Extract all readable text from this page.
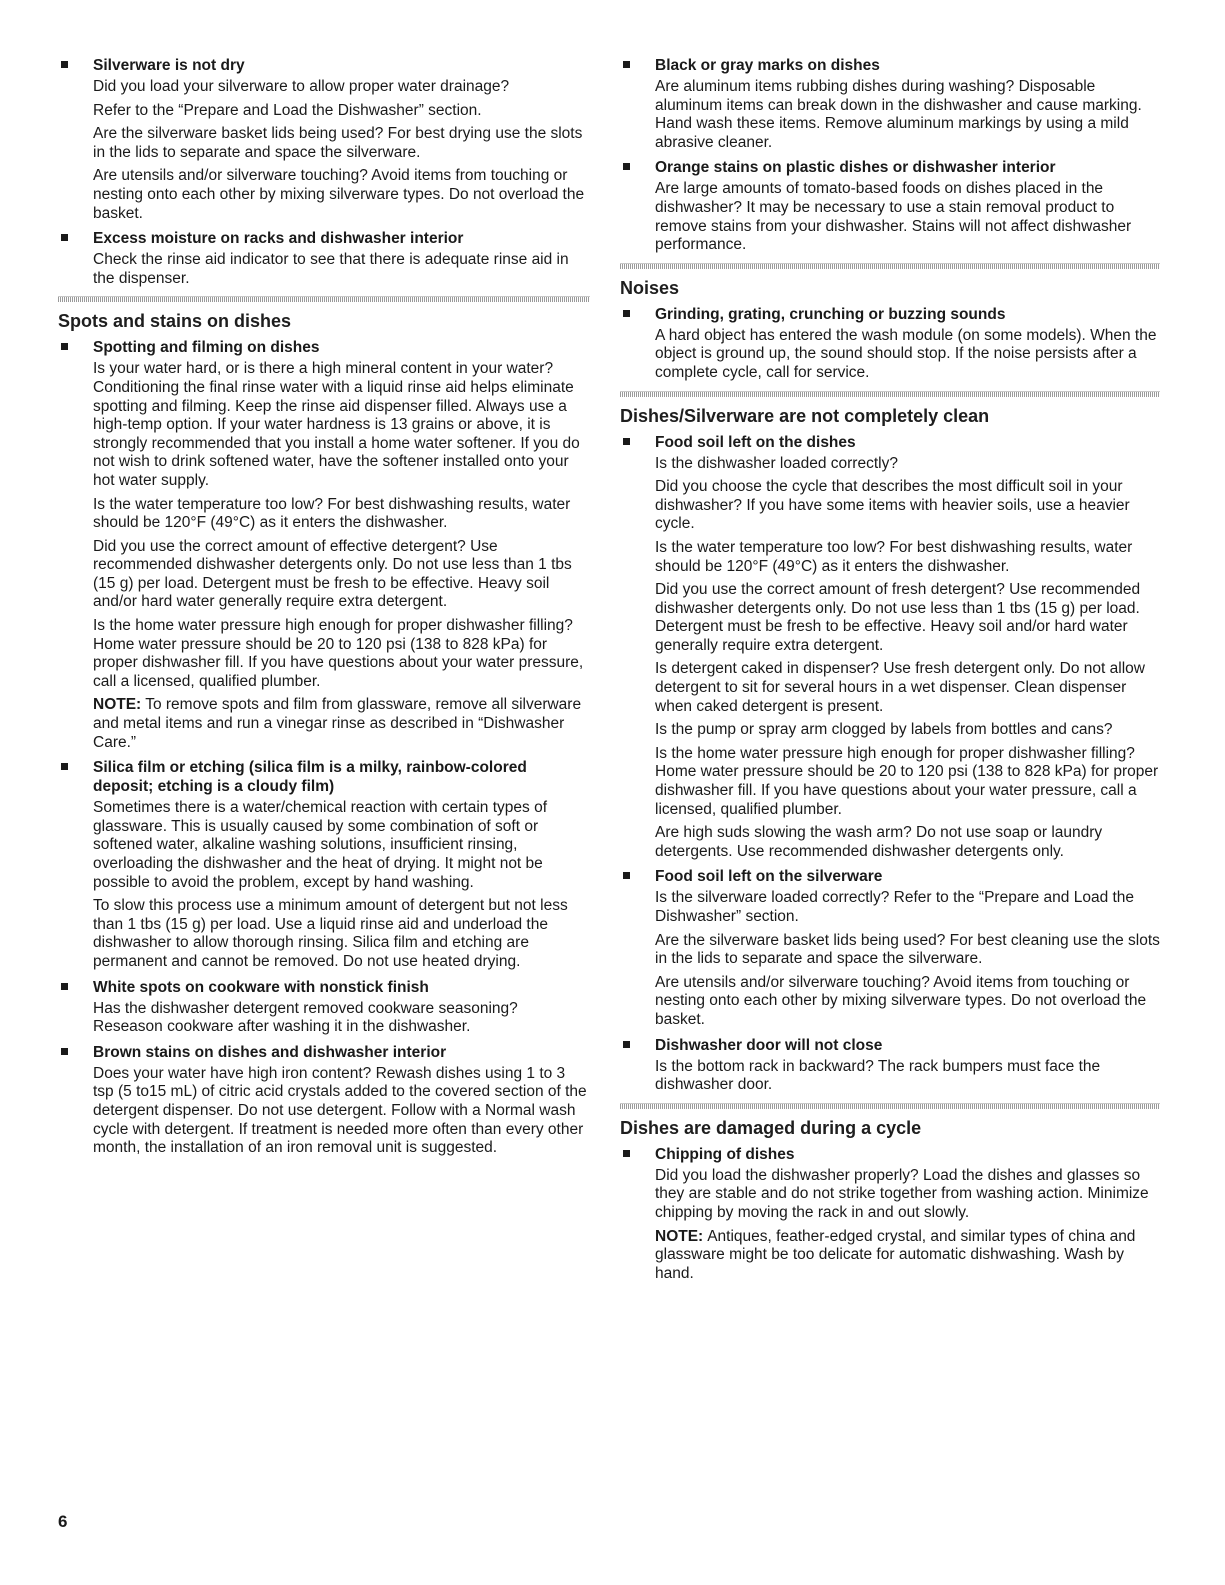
Silverware is not dry
Did you load your silverware to allow proper water drainage?
Refer to the “Prepare and Load the Dishwasher” section.
Are the silverware basket lids being used? For best drying use the slots in the lids to separate and space the silverware.
Are utensils and/or silverware touching? Avoid items from touching or nesting onto each other by mixing silverware types. Do not overload the basket.
Excess moisture on racks and dishwasher interior
Check the rinse aid indicator to see that there is adequate rinse aid in the dispenser.
Spots and stains on dishes
Spotting and filming on dishes
Is your water hard, or is there a high mineral content in your water? Conditioning the final rinse water with a liquid rinse aid helps eliminate spotting and filming. Keep the rinse aid dispenser filled. Always use a high-temp option. If your water hardness is 13 grains or above, it is strongly recommended that you install a home water softener. If you do not wish to drink softened water, have the softener installed onto your hot water supply.
Is the water temperature too low? For best dishwashing results, water should be 120°F (49°C) as it enters the dishwasher.
Did you use the correct amount of effective detergent? Use recommended dishwasher detergents only. Do not use less than 1 tbs (15 g) per load. Detergent must be fresh to be effective. Heavy soil and/or hard water generally require extra detergent.
Is the home water pressure high enough for proper dishwasher filling? Home water pressure should be 20 to 120 psi (138 to 828 kPa) for proper dishwasher fill. If you have questions about your water pressure, call a licensed, qualified plumber.
NOTE: To remove spots and film from glassware, remove all silverware and metal items and run a vinegar rinse as described in “Dishwasher Care.”
Silica film or etching (silica film is a milky, rainbow-colored deposit; etching is a cloudy film)
Sometimes there is a water/chemical reaction with certain types of glassware. This is usually caused by some combination of soft or softened water, alkaline washing solutions, insufficient rinsing, overloading the dishwasher and the heat of drying. It might not be possible to avoid the problem, except by hand washing.
To slow this process use a minimum amount of detergent but not less than 1 tbs (15 g) per load. Use a liquid rinse aid and underload the dishwasher to allow thorough rinsing. Silica film and etching are permanent and cannot be removed. Do not use heated drying.
White spots on cookware with nonstick finish
Has the dishwasher detergent removed cookware seasoning? Reseason cookware after washing it in the dishwasher.
Brown stains on dishes and dishwasher interior
Does your water have high iron content? Rewash dishes using 1 to 3 tsp (5 to15 mL) of citric acid crystals added to the covered section of the detergent dispenser. Do not use detergent. Follow with a Normal wash cycle with detergent. If treatment is needed more often than every other month, the installation of an iron removal unit is suggested.
Black or gray marks on dishes
Are aluminum items rubbing dishes during washing? Disposable aluminum items can break down in the dishwasher and cause marking. Hand wash these items. Remove aluminum markings by using a mild abrasive cleaner.
Orange stains on plastic dishes or dishwasher interior
Are large amounts of tomato-based foods on dishes placed in the dishwasher? It may be necessary to use a stain removal product to remove stains from your dishwasher. Stains will not affect dishwasher performance.
Noises
Grinding, grating, crunching or buzzing sounds
A hard object has entered the wash module (on some models). When the object is ground up, the sound should stop. If the noise persists after a complete cycle, call for service.
Dishes/Silverware are not completely clean
Food soil left on the dishes
Is the dishwasher loaded correctly?
Did you choose the cycle that describes the most difficult soil in your dishwasher? If you have some items with heavier soils, use a heavier cycle.
Is the water temperature too low? For best dishwashing results, water should be 120°F (49°C) as it enters the dishwasher.
Did you use the correct amount of fresh detergent? Use recommended dishwasher detergents only. Do not use less than 1 tbs (15 g) per load. Detergent must be fresh to be effective. Heavy soil and/or hard water generally require extra detergent.
Is detergent caked in dispenser? Use fresh detergent only. Do not allow detergent to sit for several hours in a wet dispenser. Clean dispenser when caked detergent is present.
Is the pump or spray arm clogged by labels from bottles and cans?
Is the home water pressure high enough for proper dishwasher filling? Home water pressure should be 20 to 120 psi (138 to 828 kPa) for proper dishwasher fill. If you have questions about your water pressure, call a licensed, qualified plumber.
Are high suds slowing the wash arm? Do not use soap or laundry detergents. Use recommended dishwasher detergents only.
Food soil left on the silverware
Is the silverware loaded correctly? Refer to the “Prepare and Load the Dishwasher” section.
Are the silverware basket lids being used? For best cleaning use the slots in the lids to separate and space the silverware.
Are utensils and/or silverware touching? Avoid items from touching or nesting onto each other by mixing silverware types. Do not overload the basket.
Dishwasher door will not close
Is the bottom rack in backward? The rack bumpers must face the dishwasher door.
Dishes are damaged during a cycle
Chipping of dishes
Did you load the dishwasher properly? Load the dishes and glasses so they are stable and do not strike together from washing action. Minimize chipping by moving the rack in and out slowly.
NOTE: Antiques, feather-edged crystal, and similar types of china and glassware might be too delicate for automatic dishwashing. Wash by hand.
6
